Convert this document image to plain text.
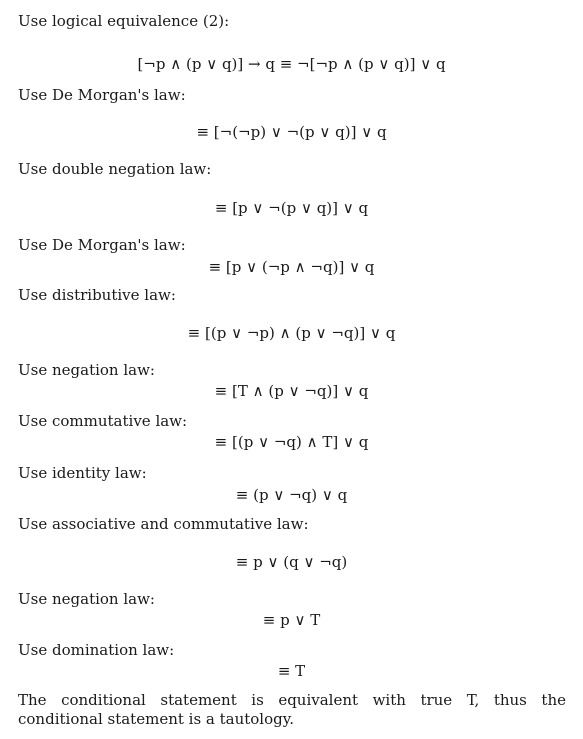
Use logical equivalence (2):
[¬p ∧ (p ∨ q)] → q ≡ ¬[¬p ∧ (p ∨ q)] ∨ q
Use De Morgan's law:
≡ [¬(¬p) ∨ ¬(p ∨ q)] ∨ q
Use double negation law:
≡ [p ∨ ¬(p ∨ q)] ∨ q
Use De Morgan's law:
≡ [p ∨ (¬p ∧ ¬q)] ∨ q
Use distributive law:
≡ [(p ∨ ¬p) ∧ (p ∨ ¬q)] ∨ q
Use negation law:
≡ [T ∧ (p ∨ ¬q)] ∨ q
Use commutative law:
≡ [(p ∨ ¬q) ∧ T] ∨ q
Use identity law:
≡ (p ∨ ¬q) ∨ q
Use associative and commutative law:
≡ p ∨ (q ∨ ¬q)
Use negation law:
≡ p ∨ T
Use domination law:
≡ T
The conditional statement is equivalent with true T, thus the conditional statement is a tautology.
